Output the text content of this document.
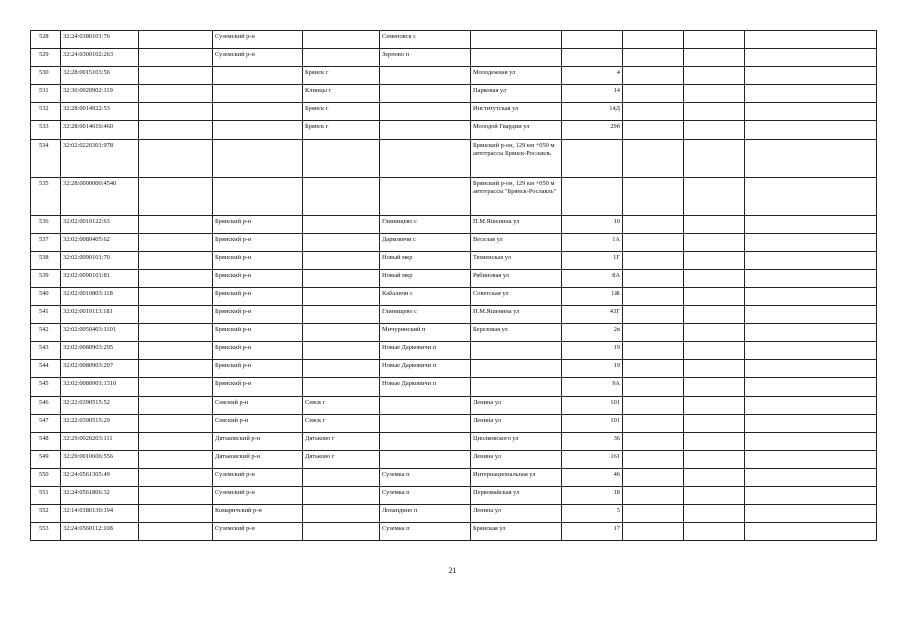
528	32:24:0380101:76		Суземский р-н		Семеновск с					
529	32:24:0300102:263		Суземский р-н		Зерново п					
530	32:28:0015103:56			Брянск г		Молодежная ул	4			
531	32:30:0020902:119			Клинцы г		Парковая ул	14			
532	32:28:0014922:53			Брянск г		Институтская ул	14Д			
533	32:28:0014610:460			Брянск г		Молодой Гвардии ул	29б			
534	32:02:0220301:978					Брянский р-он, 129 км +050 м автотрассы Брянск-Рославль				
535	32:28:0000000:4540					Брянский р-он, 129 км +050 м автотрассы "Брянск-Рославль"				
536	32:02:0010122:63		Брянский р-н		Глинищево с	П.М.Яшенина ул	10			
537	32:02:0080405:62		Брянский р-н		Дарковичи с	Веселая ул	1А			
538	32:02:0090101:70		Брянский р-н		Новый мкр	Тюменская ул	1Г			
539	32:02:0090101:81		Брянский р-н		Новый мкр	Рябиновая ул	8А			
540	32:02:0010803:118		Брянский р-н		Кабаличи с	Советская ул	1Ж			
541	32:02:0010113:181		Брянский р-н		Глинищево с	П.М.Яшенина ул	43Г			
542	32:02:0050403:1101		Брянский р-н		Мичуринский п	Березовая ул	2в			
543	32:02:0080903:295		Брянский р-н		Новые Дарковичи п		19			
544	32:02:0080903:297		Брянский р-н		Новые Дарковичи п		19			
545	32:02:0080901:1310		Брянский р-н		Новые Дарковичи п		9А			
546	32:22:0390515:52		Севский р-н	Севск г		Ленина ул	101			
547	32:22:0390515:29		Севский р-н	Севск г		Ленина ул	101			
548	32:29:0020203:111		Дятьковский р-н	Дятьково г		Циолковского ул	36			
549	32:29:0010606:556		Дятьковский р-н	Дятьково г		Ленина ул	161			
550	32:24:0561305:49		Суземский р-н		Суземка п	Интернациональная ул	46			
551	32:24:0561806:32		Суземский р-н		Суземка п	Первомайская ул	18			
552	32:14:0180130:194		Комаричский р-н		Лопандино п	Ленина ул	5			
553	32:24:0560112:108		Суземский р-н		Суземка п	Брянская ул	17			
21
